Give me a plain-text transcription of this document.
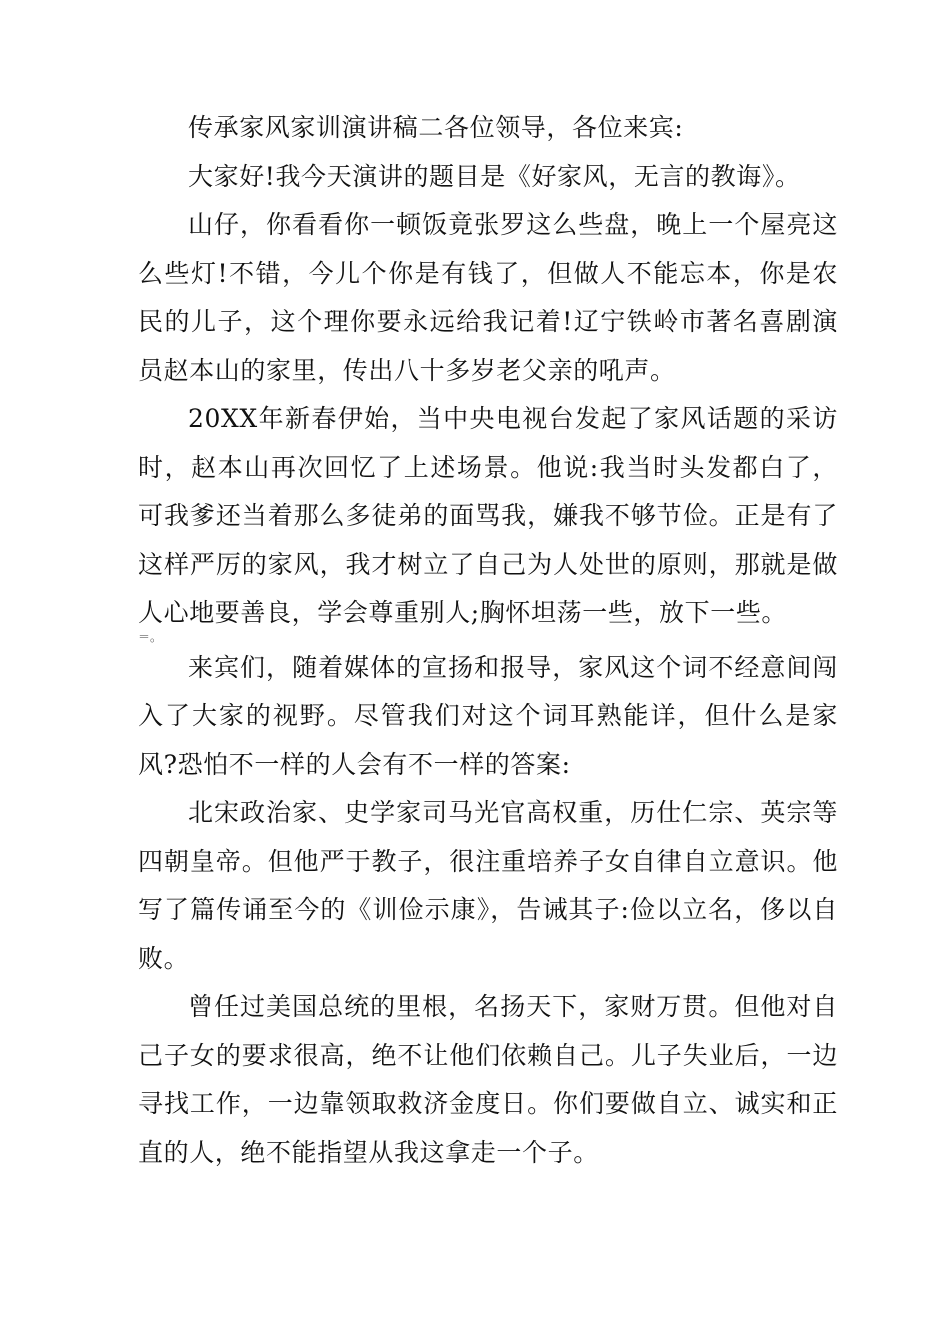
传承家风家训演讲稿二各位领导，各位来宾:

大家好!我今天演讲的题目是《好家风，无言的教诲》。

山仔，你看看你一顿饭竟张罗这么些盘，晚上一个屋亮这么些灯!不错，今儿个你是有钱了，但做人不能忘本，你是农民的儿子，这个理你要永远给我记着!辽宁铁岭市著名喜剧演员赵本山的家里，传出八十多岁老父亲的吼声。

20XX年新春伊始，当中央电视台发起了家风话题的采访时，赵本山再次回忆了上述场景。他说:我当时头发都白了，可我爹还当着那么多徒弟的面骂我，嫌我不够节俭。正是有了这样严厉的家风，我才树立了自己为人处世的原则，那就是做人心地要善良，学会尊重别人;胸怀坦荡一些，放下一些。

＝。

来宾们，随着媒体的宣扬和报导，家风这个词不经意间闯入了大家的视野。尽管我们对这个词耳熟能详，但什么是家风?恐怕不一样的人会有不一样的答案:

北宋政治家、史学家司马光官高权重，历仕仁宗、英宗等四朝皇帝。但他严于教子，很注重培养子女自律自立意识。他写了篇传诵至今的《训俭示康》，告诫其子:俭以立名，侈以自败。

曾任过美国总统的里根，名扬天下，家财万贯。但他对自己子女的要求很高，绝不让他们依赖自己。儿子失业后，一边寻找工作，一边靠领取救济金度日。你们要做自立、诚实和正直的人，绝不能指望从我这拿走一个子。
